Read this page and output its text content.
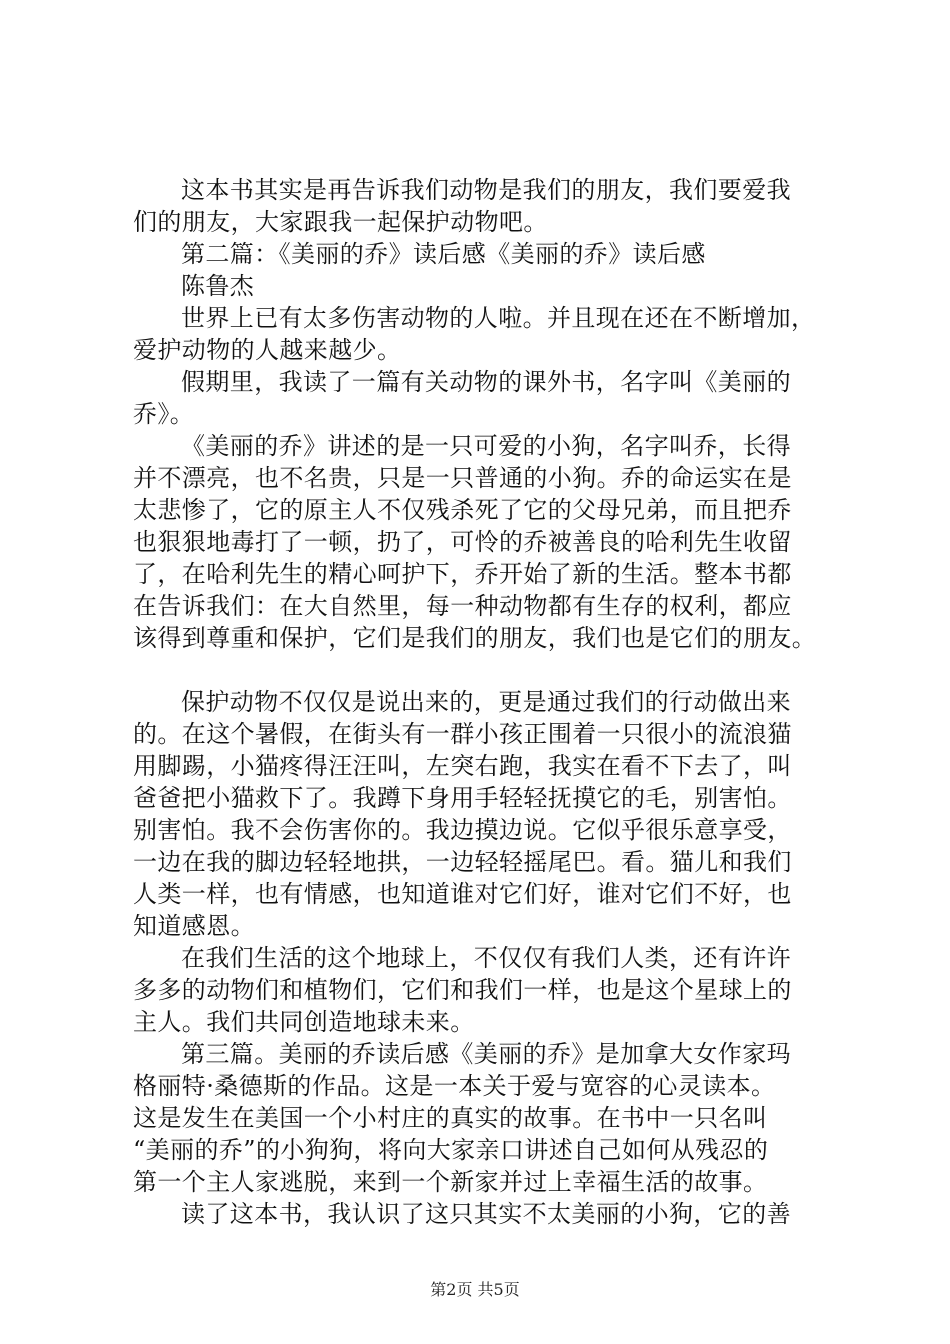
这本书其实是再告诉我们动物是我们的朋友，我们要爱我
们的朋友，大家跟我一起保护动物吧。
第二篇：《美丽的乔》读后感《美丽的乔》读后感
陈鲁杰
世界上已有太多伤害动物的人啦。并且现在还在不断增加，
爱护动物的人越来越少。
假期里，我读了一篇有关动物的课外书，名字叫《美丽的
乔》。
《美丽的乔》讲述的是一只可爱的小狗，名字叫乔，长得
并不漂亮，也不名贵，只是一只普通的小狗。乔的命运实在是
太悲惨了，它的原主人不仅残杀死了它的父母兄弟，而且把乔
也狠狠地毒打了一顿，扔了，可怜的乔被善良的哈利先生收留
了，在哈利先生的精心呵护下，乔开始了新的生活。整本书都
在告诉我们：在大自然里，每一种动物都有生存的权利，都应
该得到尊重和保护，它们是我们的朋友，我们也是它们的朋友。
保护动物不仅仅是说出来的，更是通过我们的行动做出来
的。在这个暑假，在街头有一群小孩正围着一只很小的流浪猫
用脚踢，小猫疼得汪汪叫，左突右跑，我实在看不下去了，叫
爸爸把小猫救下了。我蹲下身用手轻轻抚摸它的毛，别害怕。
别害怕。我不会伤害你的。我边摸边说。它似乎很乐意享受，
一边在我的脚边轻轻地拱，一边轻轻摇尾巴。看。猫儿和我们
人类一样，也有情感，也知道谁对它们好，谁对它们不好，也
知道感恩。
在我们生活的这个地球上，不仅仅有我们人类，还有许许
多多的动物们和植物们，它们和我们一样，也是这个星球上的
主人。我们共同创造地球未来。
第三篇。美丽的乔读后感《美丽的乔》是加拿大女作家玛
格丽特·桑德斯的作品。这是一本关于爱与宽容的心灵读本。
这是发生在美国一个小村庄的真实的故事。在书中一只名叫
“美丽的乔”的小狗狗，将向大家亲口讲述自己如何从残忍的
第一个主人家逃脱，来到一个新家并过上幸福生活的故事。
读了这本书，我认识了这只其实不太美丽的小狗，它的善
第2页 共5页
